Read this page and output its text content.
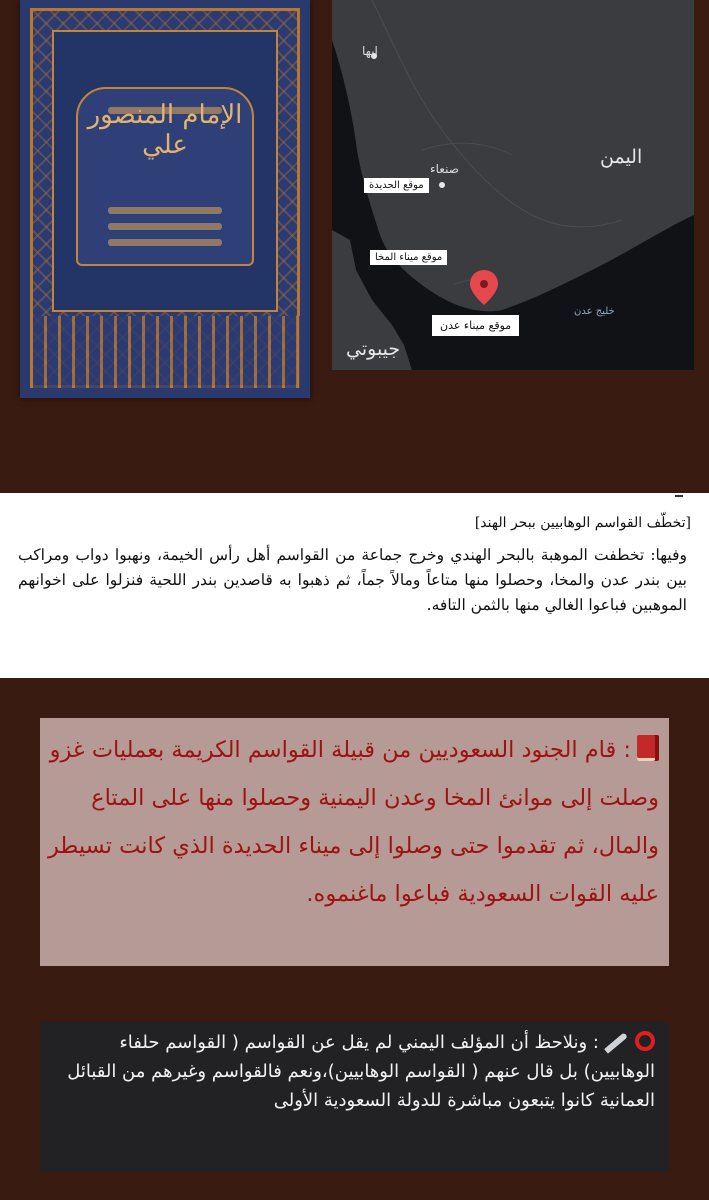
الإمام المنصور علي
ابها
صنعاء
اليمن
جيبوتي
موقع الحديدة
موقع ميناء المخا
موقع ميناء عدن
خليج عدن
[تخطّف القواسم الوهابيين ببحر الهند]
وفيها: تخطفت الموهبة بالبحر الهندي وخرج جماعة من القواسم أهل رأس الخيمة، ونهبوا دواب ومراكب بين بندر عدن والمخا، وحصلوا منها متاعاً ومالاً جماً، ثم ذهبوا به قاصدين بندر اللحية فنزلوا على اخوانهم الموهبين فباعوا الغالي منها بالثمن التافه.
: قام الجنود السعوديين من قبيلة القواسم الكريمة بعمليات غزو وصلت إلى موانئ المخا وعدن اليمنية وحصلوا منها على المتاع والمال، ثم تقدموا حتى وصلوا إلى ميناء الحديدة الذي كانت تسيطر عليه القوات السعودية فباعوا ماغنموه.
: ونلاحظ أن المؤلف اليمني لم يقل عن القواسم ( القواسم حلفاء الوهابيين) بل قال عنهم ( القواسم الوهابيين)،ونعم فالقواسم وغيرهم من القبائل العمانية كانوا يتبعون مباشرة للدولة السعودية الأولى
